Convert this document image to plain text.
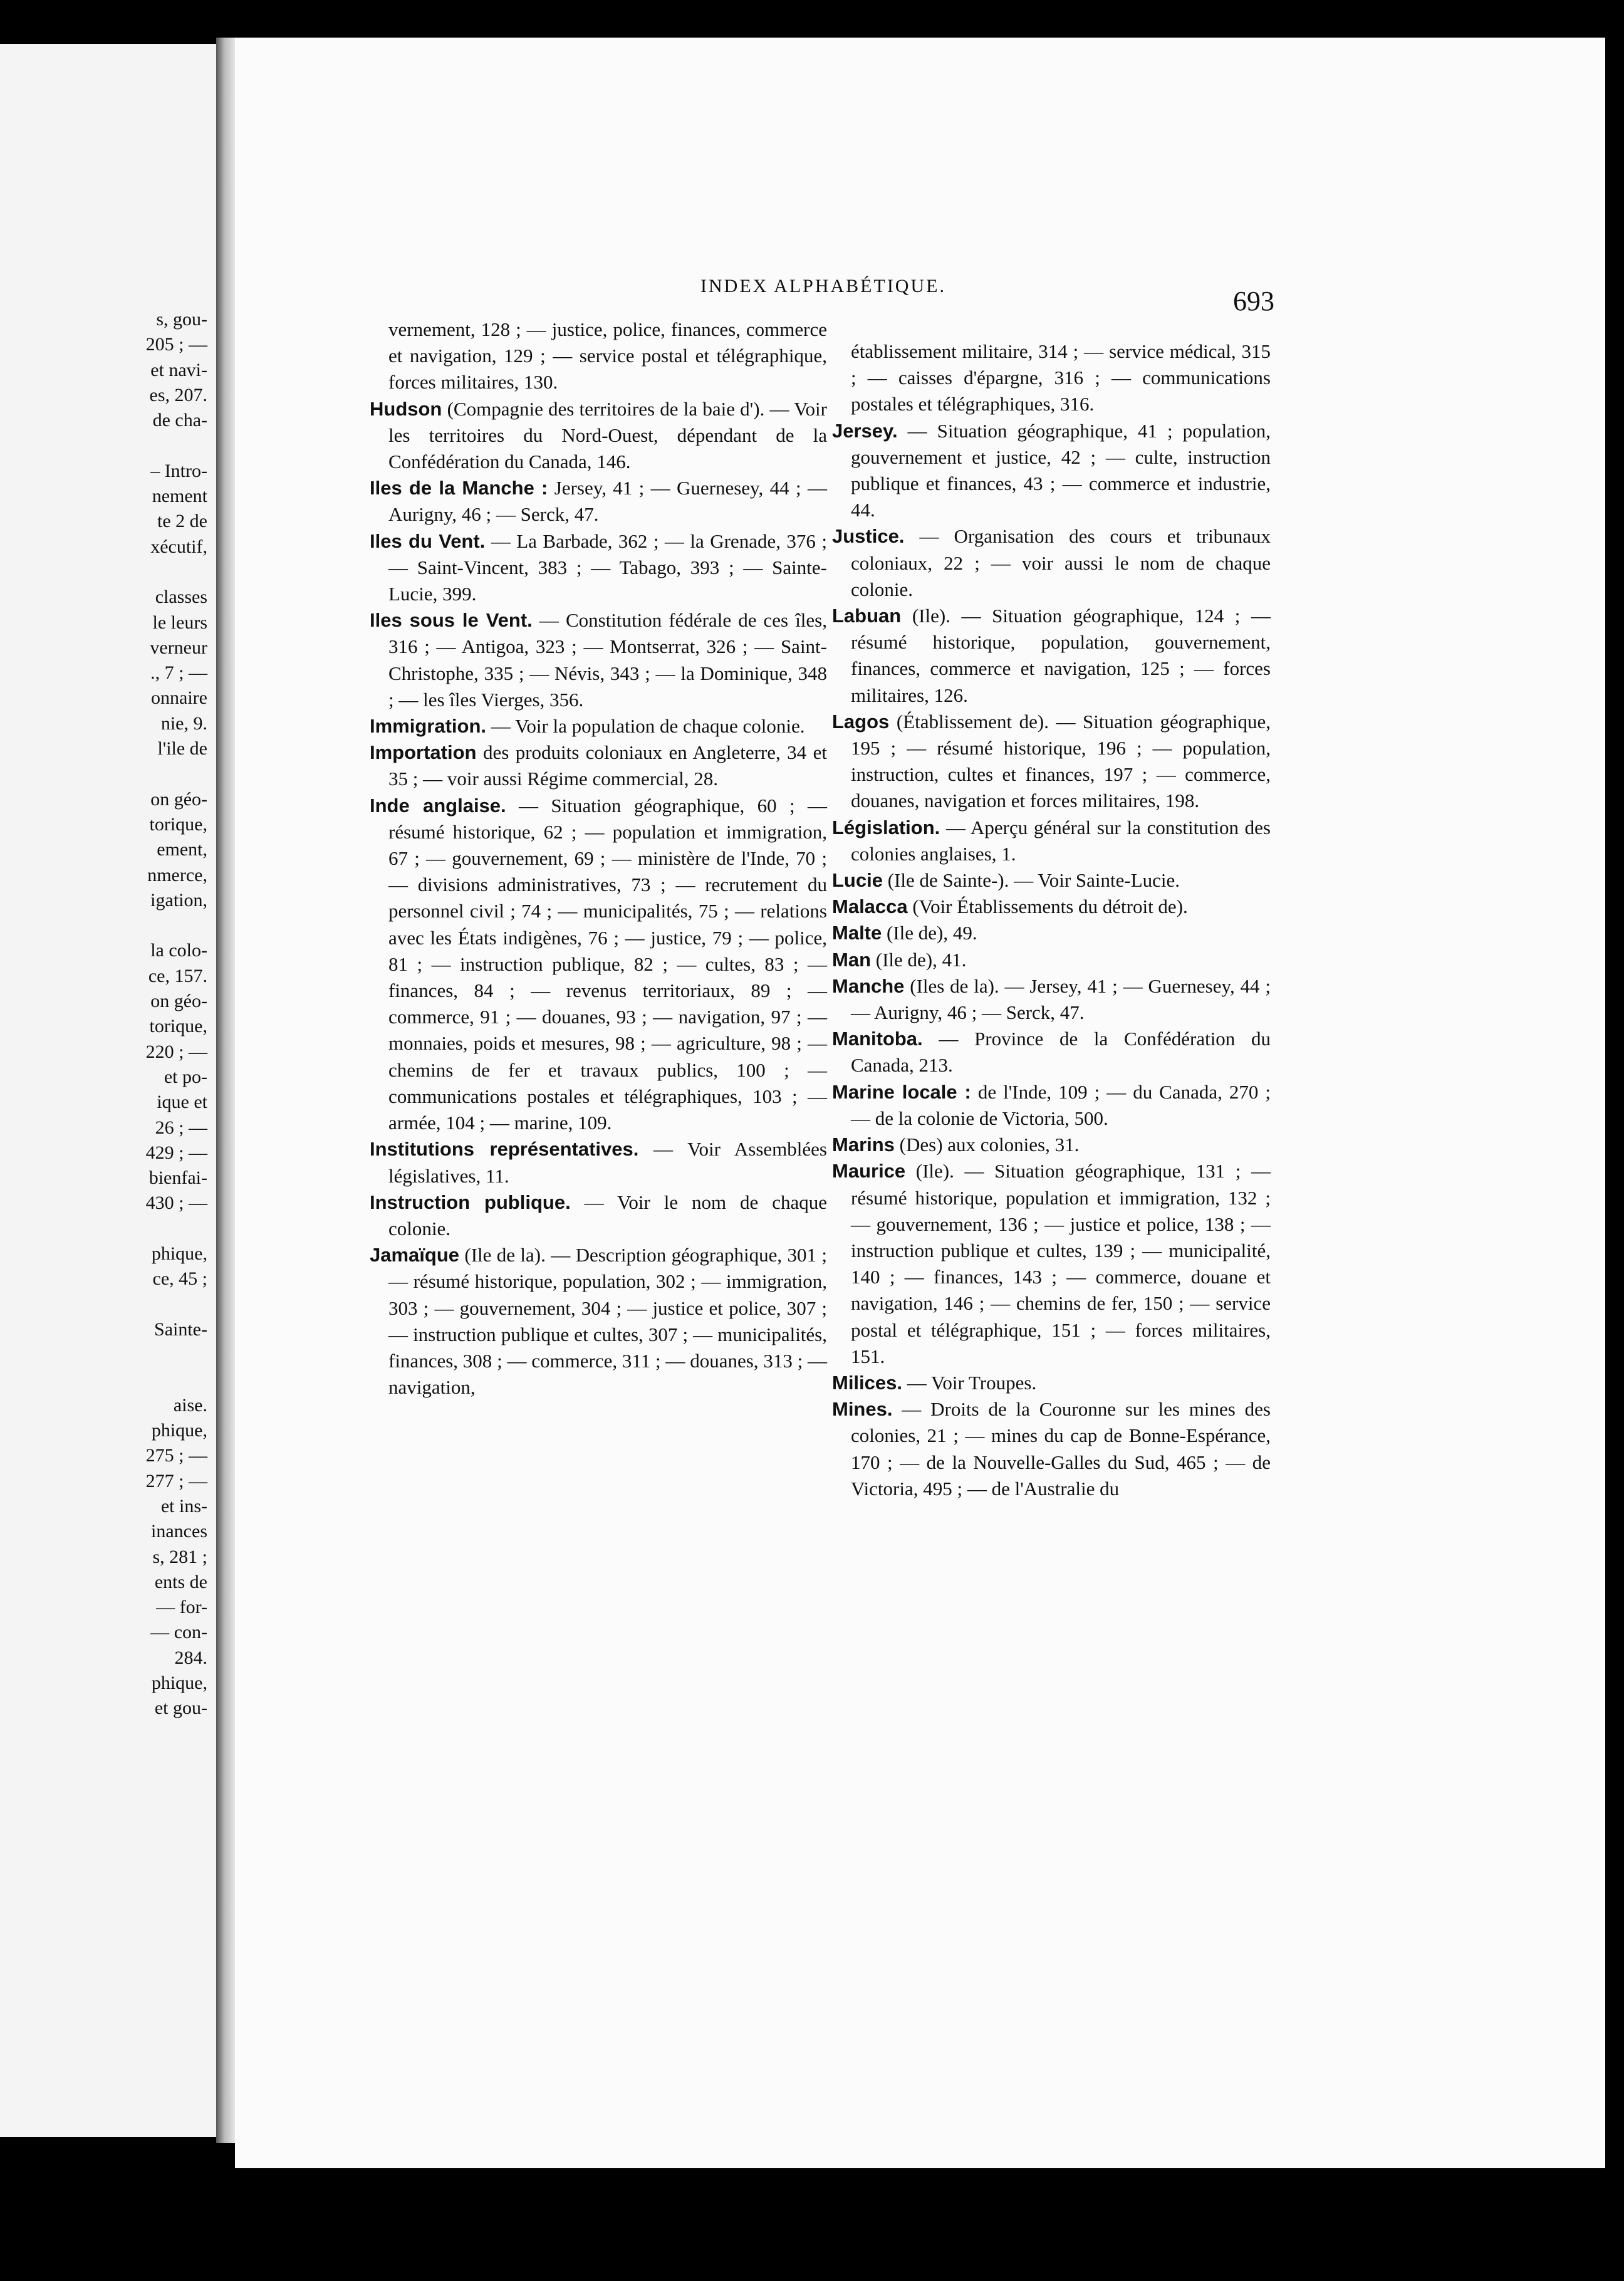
s, gou-
205 ; —
et navi-
es, 207.
de cha-

– Intro-
nement
te 2 de
xécutif,

classes
le leurs
verneur
., 7 ; —
onnaire
nie, 9.
l'ile de

on géo-
torique,
ement,
nmerce,
igation,

la colo-
ce, 157.
on géo-
torique,
220 ; —
et po-
ique et
26 ; —
429 ; —
bienfai-
430 ; —

phique,
ce, 45 ;

Sainte-

aise.
phique,
275 ; —
277 ; —
et ins-
inances
s, 281 ;
ents de
— for-
— con-
284.
phique,
et gou-
INDEX ALPHABÉTIQUE.	693

vernement, 128 ; — justice, police, finances, commerce et navigation, 129 ; — service postal et télégraphique, forces militaires, 130.

Hudson (Compagnie des territoires de la baie d'). — Voir les territoires du Nord-Ouest, dépendant de la Confédération du Canada, 146.

Iles de la Manche : Jersey, 41 ; — Guernesey, 44 ; — Aurigny, 46 ; — Serck, 47.

Iles du Vent. — La Barbade, 362 ; — la Grenade, 376 ; — Saint-Vincent, 383 ; — Tabago, 393 ; — Sainte-Lucie, 399.

Iles sous le Vent. — Constitution fédérale de ces îles, 316 ; — Antigoa, 323 ; — Montserrat, 326 ; — Saint-Christophe, 335 ; — Névis, 343 ; — la Dominique, 348 ; — les îles Vierges, 356.

Immigration. — Voir la population de chaque colonie.

Importation des produits coloniaux en Angleterre, 34 et 35 ; — voir aussi Régime commercial, 28.

Inde anglaise. — Situation géographique, 60 ; — résumé historique, 62 ; — population et immigration, 67 ; — gouvernement, 69 ; — ministère de l'Inde, 70 ; — divisions administratives, 73 ; — recrutement du personnel civil ; 74 ; — municipalités, 75 ; — relations avec les États indigènes, 76 ; — justice, 79 ; — police, 81 ; — instruction publique, 82 ; — cultes, 83 ; — finances, 84 ; — revenus territoriaux, 89 ; — commerce, 91 ; — douanes, 93 ; — navigation, 97 ; — monnaies, poids et mesures, 98 ; — agriculture, 98 ; — chemins de fer et travaux publics, 100 ; — communications postales et télégraphiques, 103 ; — armée, 104 ; — marine, 109.

Institutions représentatives. — Voir Assemblées législatives, 11.

Instruction publique. — Voir le nom de chaque colonie.

Jamaïque (Ile de la). — Description géographique, 301 ; — résumé historique, population, 302 ; — immigration, 303 ; — gouvernement, 304 ; — justice et police, 307 ; — instruction publique et cultes, 307 ; — municipalités, finances, 308 ; — commerce, 311 ; — douanes, 313 ; — navigation,

établissement militaire, 314 ; — service médical, 315 ; — caisses d'épargne, 316 ; — communications postales et télégraphiques, 316.

Jersey. — Situation géographique, 41 ; population, gouvernement et justice, 42 ; — culte, instruction publique et finances, 43 ; — commerce et industrie, 44.

Justice. — Organisation des cours et tribunaux coloniaux, 22 ; — voir aussi le nom de chaque colonie.

Labuan (Ile). — Situation géographique, 124 ; — résumé historique, population, gouvernement, finances, commerce et navigation, 125 ; — forces militaires, 126.

Lagos (Établissement de). — Situation géographique, 195 ; — résumé historique, 196 ; — population, instruction, cultes et finances, 197 ; — commerce, douanes, navigation et forces militaires, 198.

Législation. — Aperçu général sur la constitution des colonies anglaises, 1.

Lucie (Ile de Sainte-). — Voir Sainte-Lucie.

Malacca (Voir Établissements du détroit de).

Malte (Ile de), 49.

Man (Ile de), 41.

Manche (Iles de la). — Jersey, 41 ; — Guernesey, 44 ; — Aurigny, 46 ; — Serck, 47.

Manitoba. — Province de la Confédération du Canada, 213.

Marine locale : de l'Inde, 109 ; — du Canada, 270 ; — de la colonie de Victoria, 500.

Marins (Des) aux colonies, 31.

Maurice (Ile). — Situation géographique, 131 ; — résumé historique, population et immigration, 132 ; — gouvernement, 136 ; — justice et police, 138 ; — instruction publique et cultes, 139 ; — municipalité, 140 ; — finances, 143 ; — commerce, douane et navigation, 146 ; — chemins de fer, 150 ; — service postal et télégraphique, 151 ; — forces militaires, 151.

Milices. — Voir Troupes.

Mines. — Droits de la Couronne sur les mines des colonies, 21 ; — mines du cap de Bonne-Espérance, 170 ; — de la Nouvelle-Galles du Sud, 465 ; — de Victoria, 495 ; — de l'Australie du
